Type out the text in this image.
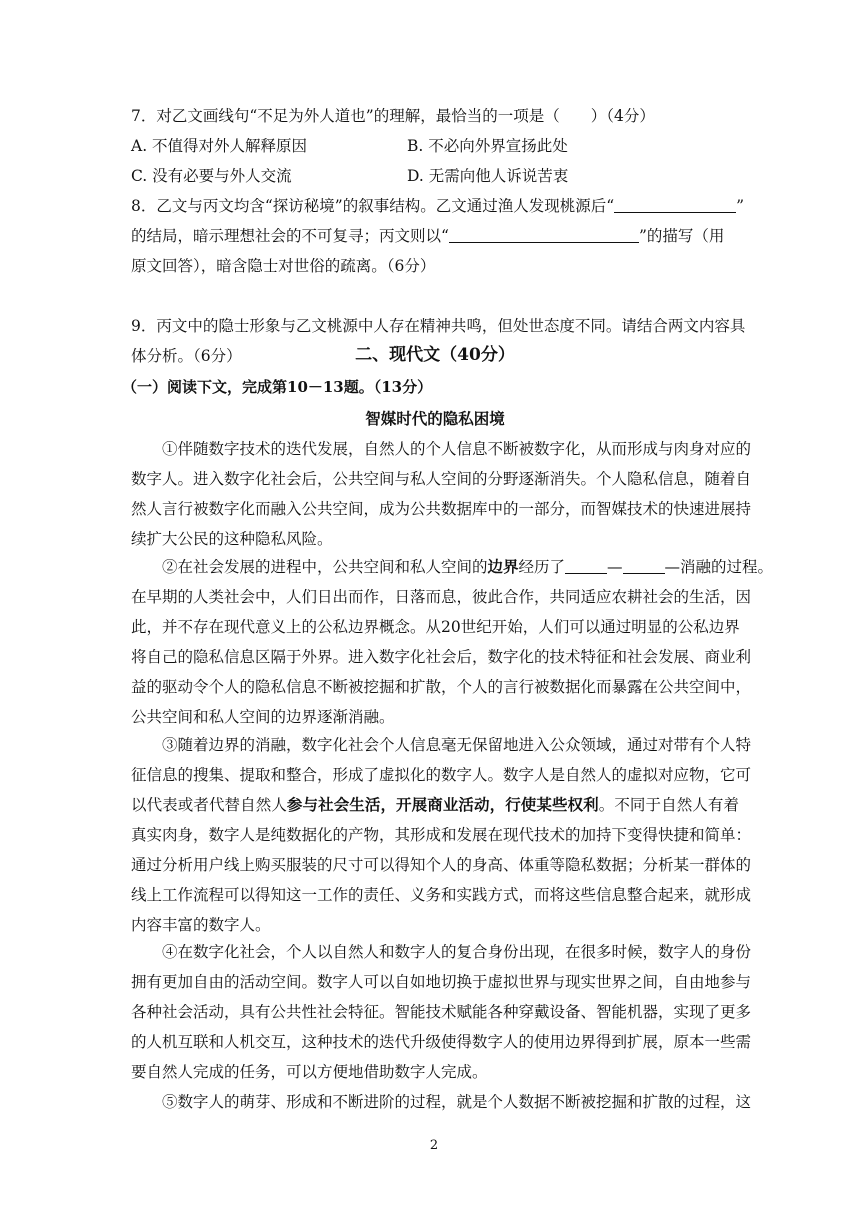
7．对乙文画线句“不足为外人道也”的理解，最恰当的一项是（　　）（4分）
A. 不值得对外人解释原因	B. 不必向外界宣扬此处
C. 没有必要与外人交流	D. 无需向他人诉说苦衷
8．乙文与丙文均含“探访秘境”的叙事结构。乙文通过渔人发现桃源后“	”
的结局，暗示理想社会的不可复寻；丙文则以“	”的描写（用
原文回答），暗含隐士对世俗的疏离。（6分）
9．丙文中的隐士形象与乙文桃源中人存在精神共鸣，但处世态度不同。请结合两文内容具
体分析。（6分）	二、现代文（40分）
（一）阅读下文，完成第10－13题。（13分）
智媒时代的隐私困境
①伴随数字技术的迭代发展，自然人的个人信息不断被数字化，从而形成与肉身对应的
数字人。进入数字化社会后，公共空间与私人空间的分野逐渐消失。个人隐私信息，随着自
然人言行被数字化而融入公共空间，成为公共数据库中的一部分，而智媒技术的快速进展持
续扩大公民的这种隐私风险。
②在社会发展的进程中，公共空间和私人空间的边界经历了	—	—消融的过程。
在早期的人类社会中，人们日出而作，日落而息，彼此合作，共同适应农耕社会的生活，因
此，并不存在现代意义上的公私边界概念。从20世纪开始，人们可以通过明显的公私边界
将自己的隐私信息区隔于外界。进入数字化社会后，数字化的技术特征和社会发展、商业利
益的驱动令个人的隐私信息不断被挖掘和扩散，个人的言行被数据化而暴露在公共空间中，
公共空间和私人空间的边界逐渐消融。
③随着边界的消融，数字化社会个人信息毫无保留地进入公众领域，通过对带有个人特
征信息的搜集、提取和整合，形成了虚拟化的数字人。数字人是自然人的虚拟对应物，它可
以代表或者代替自然人参与社会生活，开展商业活动，行使某些权利。不同于自然人有着
真实肉身，数字人是纯数据化的产物，其形成和发展在现代技术的加持下变得快捷和简单：
通过分析用户线上购买服装的尺寸可以得知个人的身高、体重等隐私数据；分析某一群体的
线上工作流程可以得知这一工作的责任、义务和实践方式，而将这些信息整合起来，就形成
内容丰富的数字人。
④在数字化社会，个人以自然人和数字人的复合身份出现，在很多时候，数字人的身份
拥有更加自由的活动空间。数字人可以自如地切换于虚拟世界与现实世界之间，自由地参与
各种社会活动，具有公共性社会特征。智能技术赋能各种穿戴设备、智能机器，实现了更多
的人机互联和人机交互，这种技术的迭代升级使得数字人的使用边界得到扩展，原本一些需
要自然人完成的任务，可以方便地借助数字人完成。
⑤数字人的萌芽、形成和不断进阶的过程，就是个人数据不断被挖掘和扩散的过程，这
2
